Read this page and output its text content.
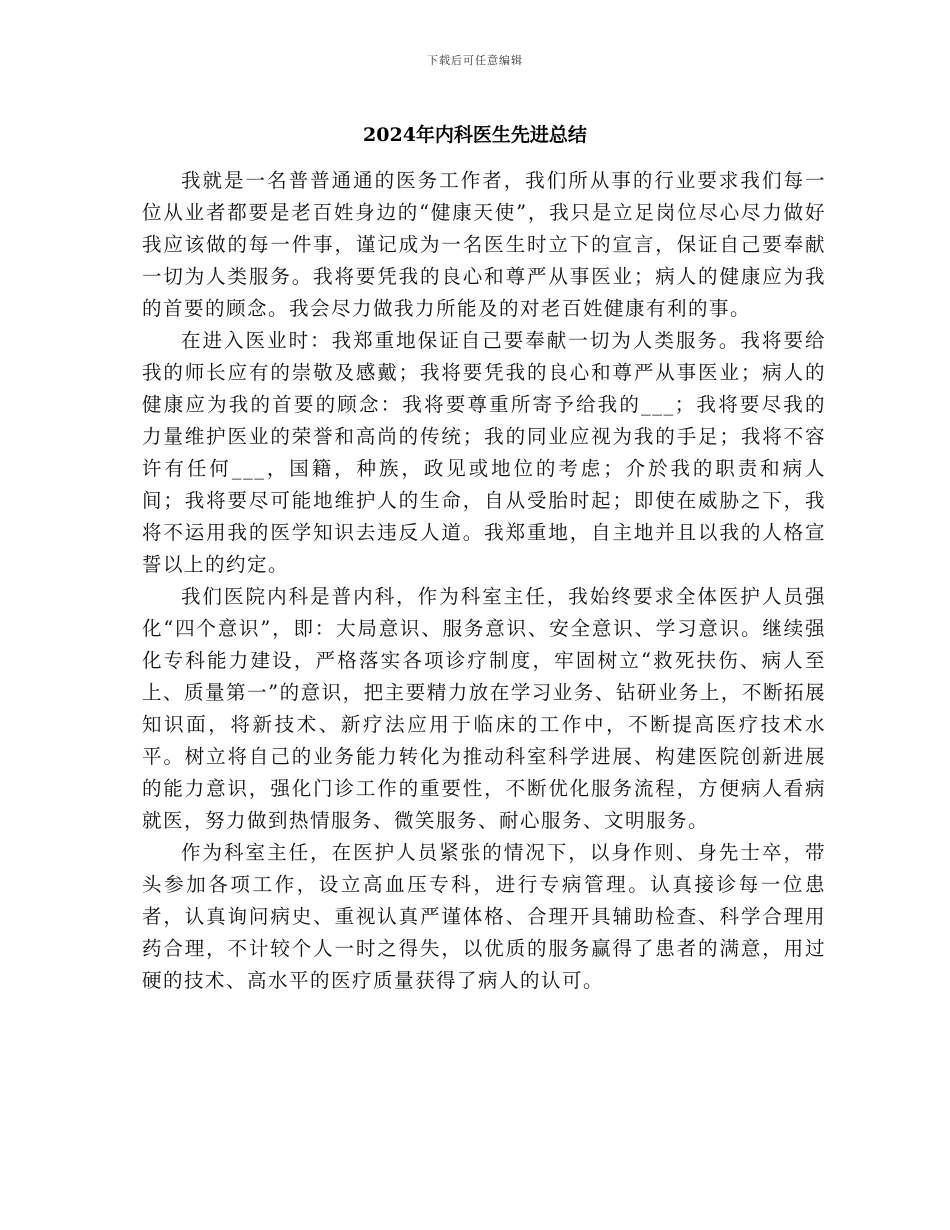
下载后可任意编辑
2024年内科医生先进总结

我就是一名普普通通的医务工作者，我们所从事的行业要求我们每一位从业者都要是老百姓身边的“健康天使”，我只是立足岗位尽心尽力做好我应该做的每一件事，谨记成为一名医生时立下的宣言，保证自己要奉献一切为人类服务。我将要凭我的良心和尊严从事医业；病人的健康应为我的首要的顾念。我会尽力做我力所能及的对老百姓健康有利的事。

在进入医业时：我郑重地保证自己要奉献一切为人类服务。我将要给我的师长应有的崇敬及感戴；我将要凭我的良心和尊严从事医业；病人的健康应为我的首要的顾念：我将要尊重所寄予给我的___；我将要尽我的力量维护医业的荣誉和高尚的传统；我的同业应视为我的手足；我将不容许有任何___，国籍，种族，政见或地位的考虑；介於我的职责和病人间；我将要尽可能地维护人的生命，自从受胎时起；即使在威胁之下，我将不运用我的医学知识去违反人道。我郑重地，自主地并且以我的人格宣誓以上的约定。

我们医院内科是普内科，作为科室主任，我始终要求全体医护人员强化“四个意识”，即：大局意识、服务意识、安全意识、学习意识。继续强化专科能力建设，严格落实各项诊疗制度，牢固树立“救死扶伤、病人至上、质量第一”的意识，把主要精力放在学习业务、钻研业务上，不断拓展知识面，将新技术、新疗法应用于临床的工作中，不断提高医疗技术水平。树立将自己的业务能力转化为推动科室科学进展、构建医院创新进展的能力意识，强化门诊工作的重要性，不断优化服务流程，方便病人看病就医，努力做到热情服务、微笑服务、耐心服务、文明服务。

作为科室主任，在医护人员紧张的情况下，以身作则、身先士卒，带头参加各项工作，设立高血压专科，进行专病管理。认真接诊每一位患者，认真询问病史、重视认真严谨体格、合理开具辅助检查、科学合理用药合理，不计较个人一时之得失，以优质的服务赢得了患者的满意，用过硬的技术、高水平的医疗质量获得了病人的认可。
